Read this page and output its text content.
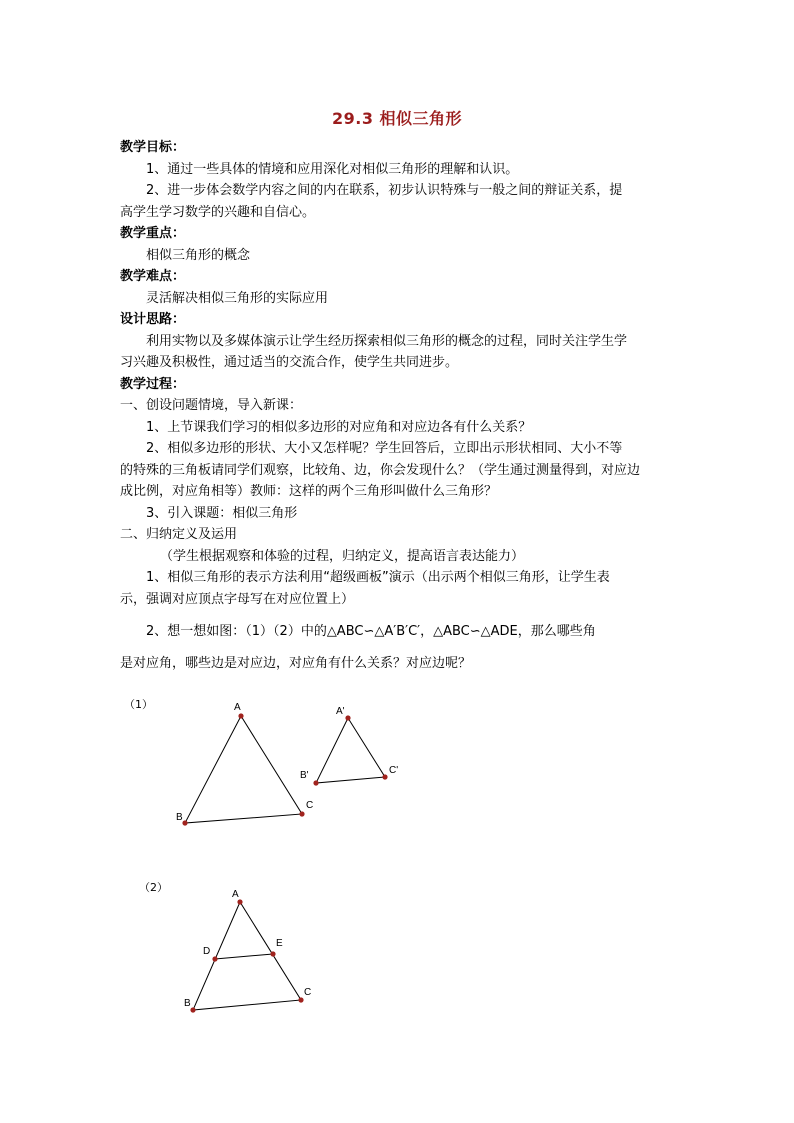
29.3 相似三角形
教学目标：
1、通过一些具体的情境和应用深化对相似三角形的理解和认识。
2、进一步体会数学内容之间的内在联系，初步认识特殊与一般之间的辩证关系，提
高学生学习数学的兴趣和自信心。
教学重点：
相似三角形的概念
教学难点：
灵活解决相似三角形的实际应用
设计思路：
利用实物以及多媒体演示让学生经历探索相似三角形的概念的过程，同时关注学生学
习兴趣及积极性，通过适当的交流合作，使学生共同进步。
教学过程：
一、创设问题情境，导入新课：
1、上节课我们学习的相似多边形的对应角和对应边各有什么关系？
2、相似多边形的形状、大小又怎样呢？学生回答后，立即出示形状相同、大小不等
的特殊的三角板请同学们观察，比较角、边，你会发现什么？（学生通过测量得到，对应边
成比例，对应角相等）教师：这样的两个三角形叫做什么三角形？
3、引入课题：相似三角形
二、归纳定义及运用
（学生根据观察和体验的过程，归纳定义，提高语言表达能力）
1、相似三角形的表示方法利用“超级画板”演示（出示两个相似三角形，让学生表
示，强调对应顶点字母写在对应位置上）
2、想一想如图：（1）（2）中的△ABC∽△A′B′C′，△ABC∽△ADE，那么哪些角
是对应角，哪些边是对应边，对应角有什么关系？对应边呢？
（1）	A
B
C
A'
B'	C'
（2）
A
B
C
D
E
